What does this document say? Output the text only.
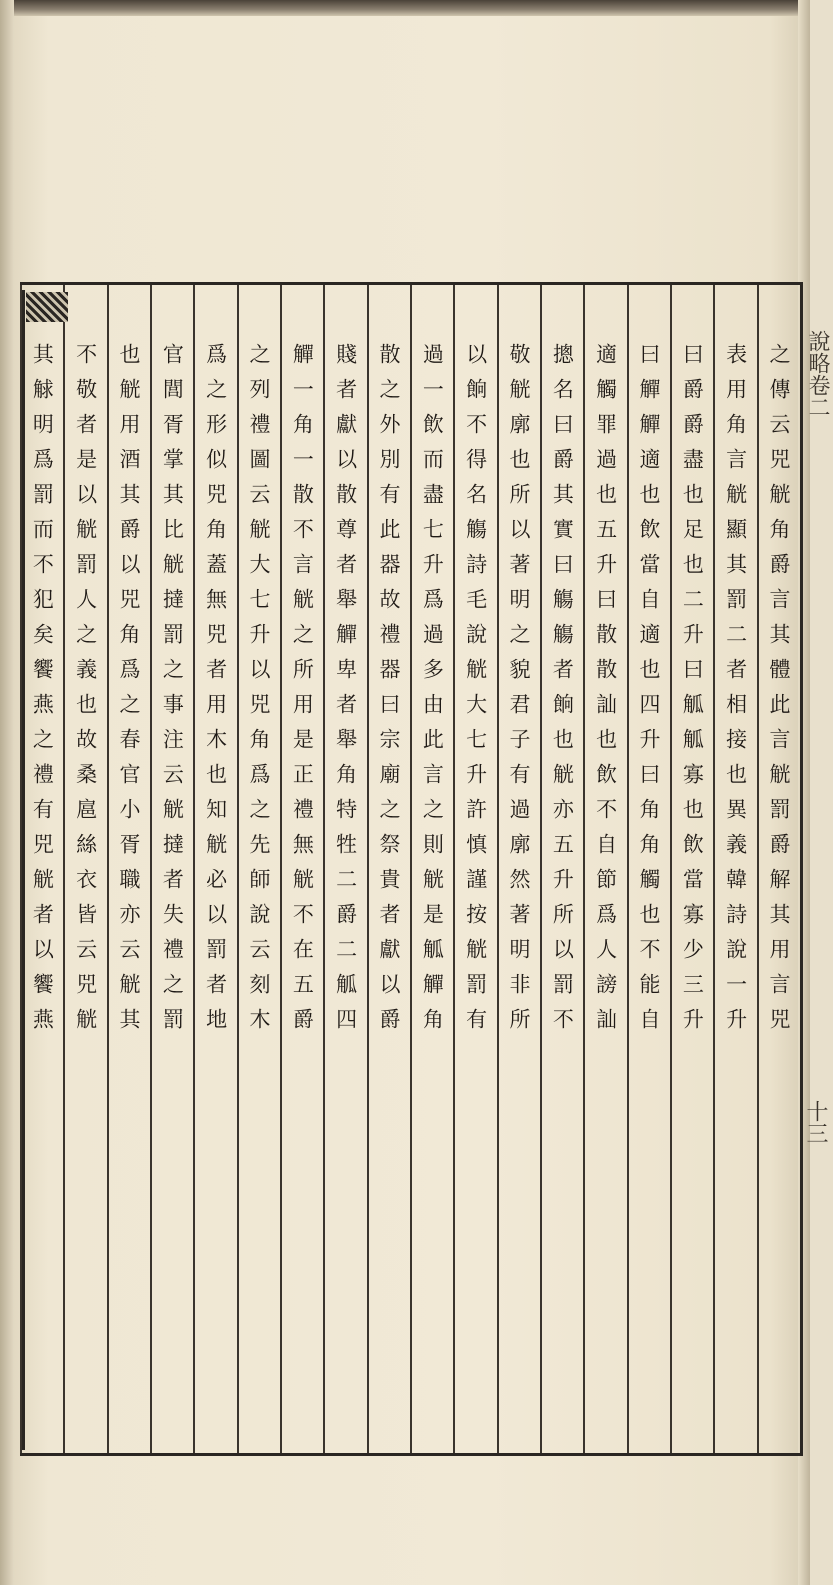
之傳云兕觥角爵言其體此言觥罰爵解其用言兕
表用角言觥顯其罰二者相接也異義韓詩說一升
曰爵爵盡也足也二升曰觚觚寡也飲當寡少三升
曰觶觶適也飲當自適也四升曰角角觸也不能自
適觸罪過也五升曰散散訕也飲不自節爲人謗訕
摠名曰爵其實曰觴觴者餉也觥亦五升所以罰不
敬觥廓也所以著明之貌君子有過廓然著明非所
以餉不得名觴詩毛說觥大七升許慎謹按觥罰有
過一飲而盡七升爲過多由此言之則觥是觚觶角
散之外別有此器故禮器曰宗廟之祭貴者獻以爵
賤者獻以散尊者舉觶卑者舉角特牲二爵二觚四
觶一角一散不言觥之所用是正禮無觥不在五爵
之列禮圖云觥大七升以兕角爲之先師說云刻木
爲之形似兕角蓋無兕者用木也知觥必以罰者地
官閭胥掌其比觥撻罰之事注云觥撻者失禮之罰
也觥用酒其爵以兕角爲之春官小胥職亦云觥其
不敬者是以觥罰人之義也故桑扈絲衣皆云兕觥
其觩明爲罰而不犯矣饗燕之禮有兕觥者以饗燕	說略卷二
十三
